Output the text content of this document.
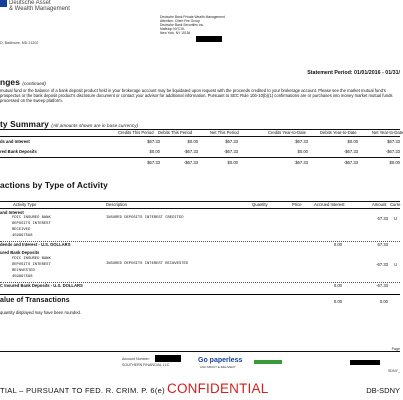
Deutsche Asset
& Wealth Management
D, Baltimore, MD 21202
Deutsche Bank Private Wealth Management
Attention: Client Fee Group
Deutsche Bank Securities Inc.
Mailstop NYC15-
New York, NY 10154
Statement Period: 01/01/2016 - 01/31/
nges (continued)
mutual fund or the balance of a bank deposit product held in your brokerage account may be liquidated upon request with the proceeds credited to your brokerage account. Please see the market mutual fund's prospectus or the bank deposit product's disclosure document or contact your advisor for additional information. Pursuant to SEC Rule 10b-10(b)(1) confirmations are or purchases into money market mutual funds processed on the sweep platform.
ty Summary (All amounts shown are in base currency)
Credits This Period Debits This Period	Net This Period	Credits Year-to-Date	Debits Year-to-Date	Net Year-to-Date
ds and Interest	$67.33	$0.00	$67.33	$67.33	$0.00	$67.33
red Bank Deposits	$0.00	-$67.33	-$67.33	$0.00	-$67.33	-$67.33
$67.33	-$67.33	$0.00	$67.33	-$67.33	$0.00
actions by Type of Activity
Activity Type	Description	Quantity	Price	Accrued Interest	Amount Curre
and Interest
FDIC INSURED BANK
DEPOSITS INTEREST
RECEIVED
459997598
INSURED DEPOSITS INTEREST CREDITED	67.33 U
dends and Interest - U.S. DOLLARS	0.00	67.33
ured Bank Deposits
FDIC INSURED BANK
DEPOSITS INTEREST
REINVESTED
459997598
INSURED DEPOSITS INTEREST REINVESTED	-67.33 U
C Insured Bank Deposits - U.S. DOLLARS	0.00	-67.33
alue of Transactions	0.00	0.00
quantity displayed may have been rounded.
Page
Account Number:
SOUTHERN FINANCIAL LLC
Go paperless
ASK ABOUT E-DELIVERY
SDNY_
TIAL – PURSUANT TO FED. R. CRIM. P. 6(e) CONFIDENTIAL	DB-SDNY
